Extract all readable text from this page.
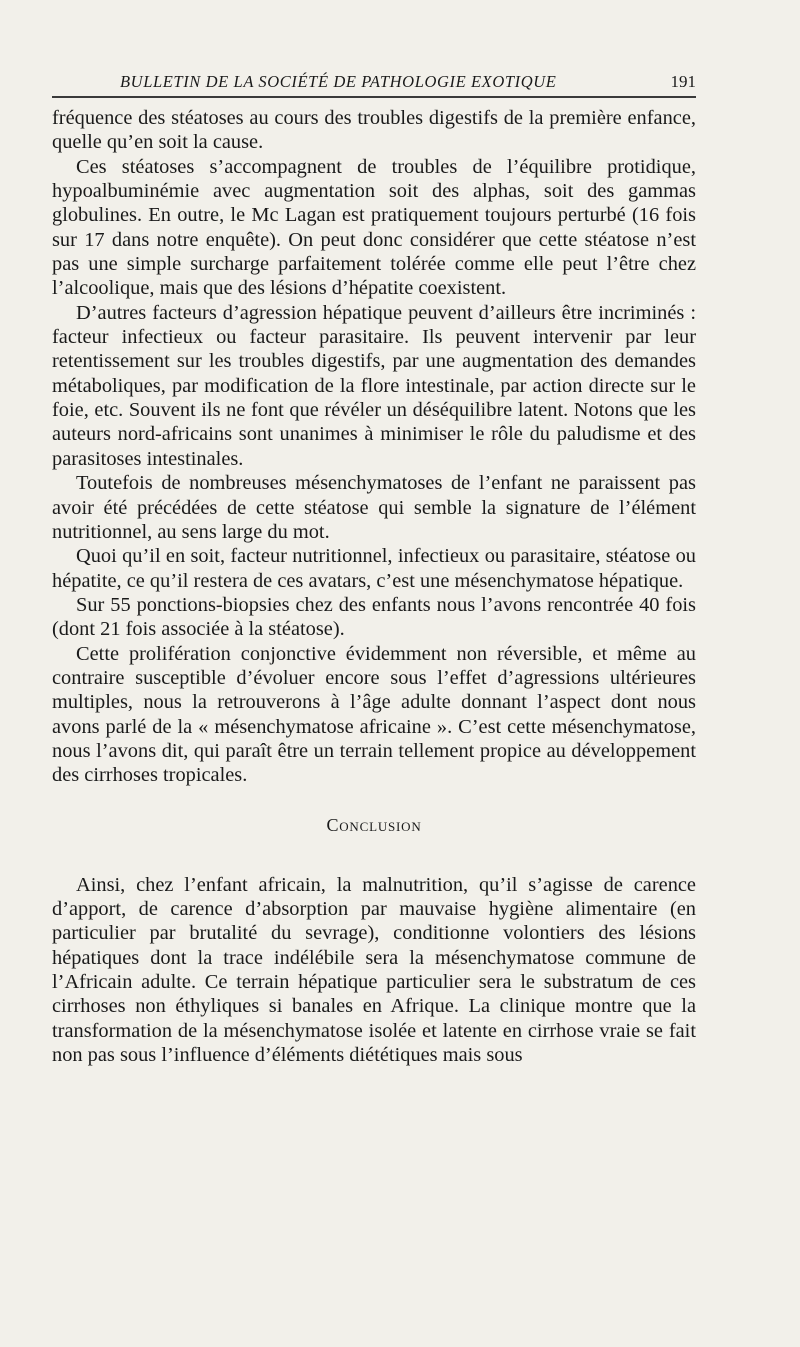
BULLETIN DE LA SOCIÉTÉ DE PATHOLOGIE EXOTIQUE	191

fréquence des stéatoses au cours des troubles digestifs de la première enfance, quelle qu’en soit la cause.

Ces stéatoses s’accompagnent de troubles de l’équilibre protidique, hypoalbuminémie avec augmentation soit des alphas, soit des gammas globulines. En outre, le Mc Lagan est pratiquement toujours perturbé (16 fois sur 17 dans notre enquête). On peut donc considérer que cette stéatose n’est pas une simple surcharge parfaitement tolérée comme elle peut l’être chez l’alcoolique, mais que des lésions d’hépatite coexistent.

D’autres facteurs d’agression hépatique peuvent d’ailleurs être incriminés : facteur infectieux ou facteur parasitaire. Ils peuvent intervenir par leur retentissement sur les troubles digestifs, par une augmentation des demandes métaboliques, par modification de la flore intestinale, par action directe sur le foie, etc. Souvent ils ne font que révéler un déséquilibre latent. Notons que les auteurs nord-africains sont unanimes à minimiser le rôle du paludisme et des parasitoses intestinales.

Toutefois de nombreuses mésenchymatoses de l’enfant ne paraissent pas avoir été précédées de cette stéatose qui semble la signature de l’élément nutritionnel, au sens large du mot.

Quoi qu’il en soit, facteur nutritionnel, infectieux ou parasitaire, stéatose ou hépatite, ce qu’il restera de ces avatars, c’est une mésenchymatose hépatique.

Sur 55 ponctions-biopsies chez des enfants nous l’avons rencontrée 40 fois (dont 21 fois associée à la stéatose).

Cette prolifération conjonctive évidemment non réversible, et même au contraire susceptible d’évoluer encore sous l’effet d’agressions ultérieures multiples, nous la retrouverons à l’âge adulte donnant l’aspect dont nous avons parlé de la « mésenchymatose africaine ». C’est cette mésenchymatose, nous l’avons dit, qui paraît être un terrain tellement propice au développement des cirrhoses tropicales.

Conclusion

Ainsi, chez l’enfant africain, la malnutrition, qu’il s’agisse de carence d’apport, de carence d’absorption par mauvaise hygiène alimentaire (en particulier par brutalité du sevrage), conditionne volontiers des lésions hépatiques dont la trace indélébile sera la mésenchymatose commune de l’Africain adulte. Ce terrain hépatique particulier sera le substratum de ces cirrhoses non éthyliques si banales en Afrique. La clinique montre que la transformation de la mésenchymatose isolée et latente en cirrhose vraie se fait non pas sous l’influence d’éléments diététiques mais sous
